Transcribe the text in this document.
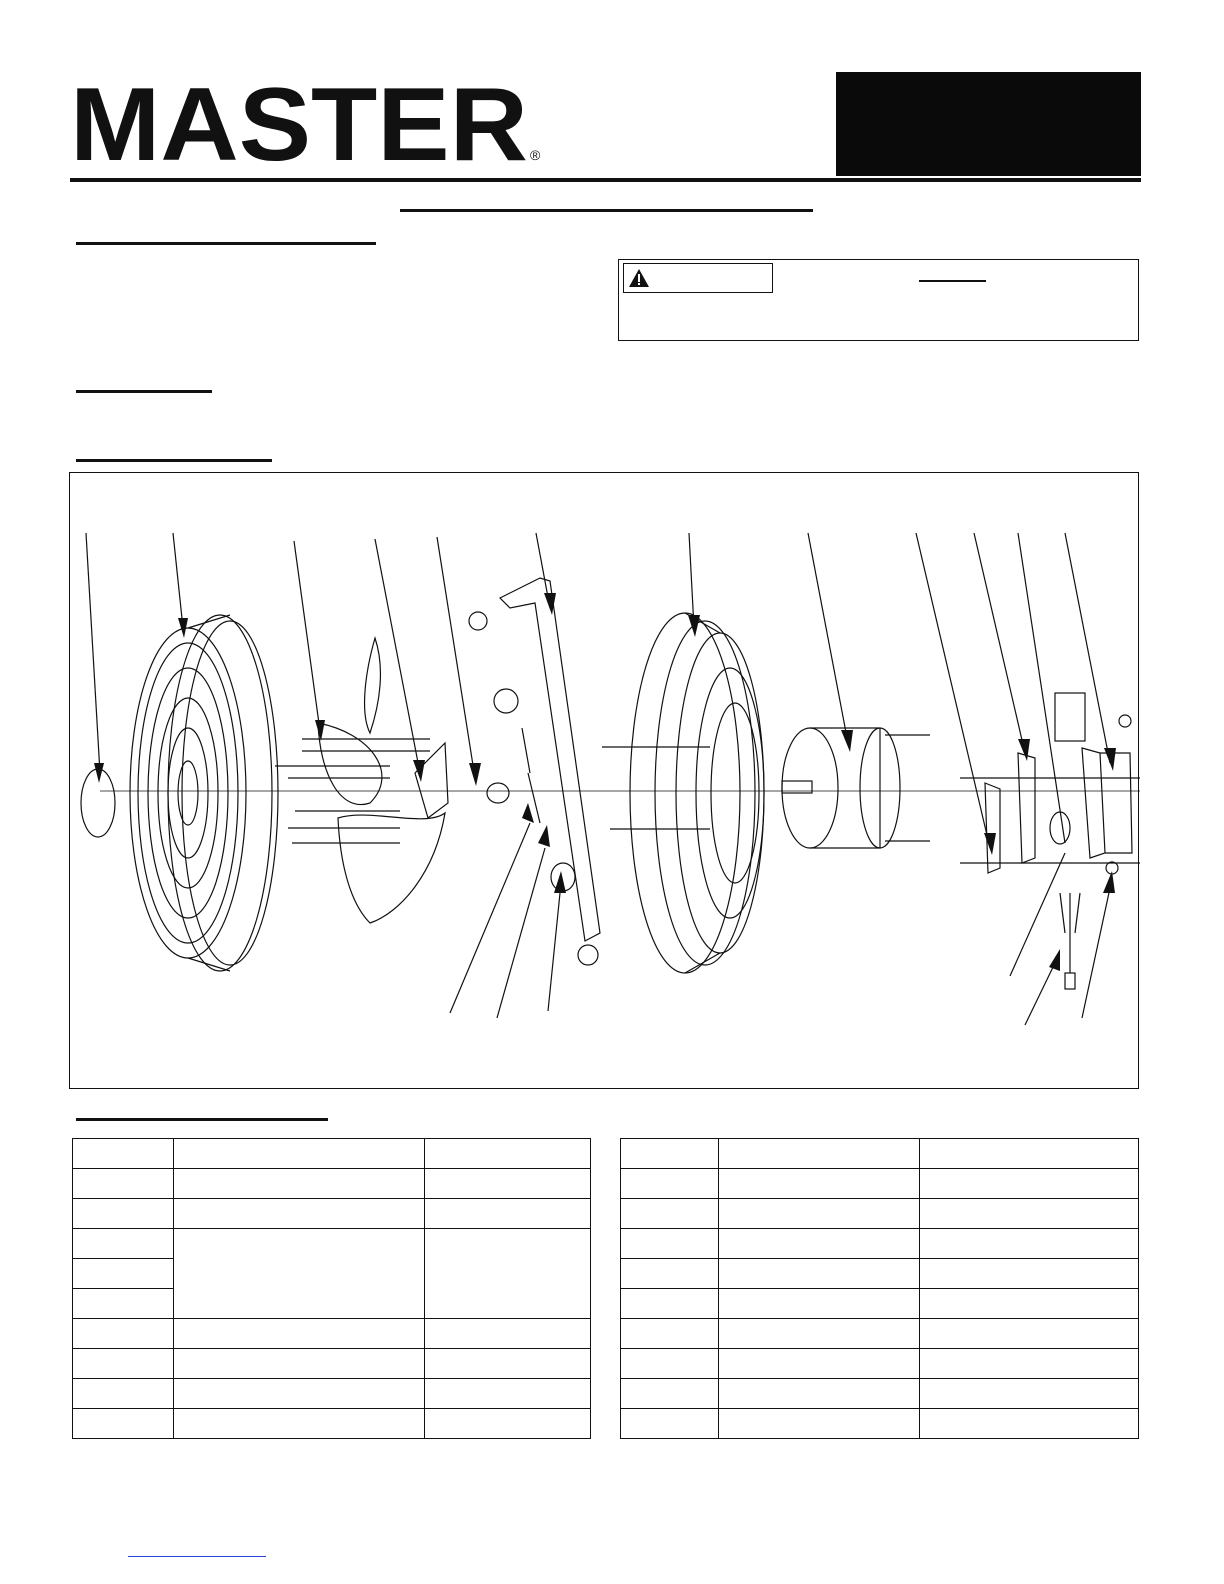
MASTER ®
